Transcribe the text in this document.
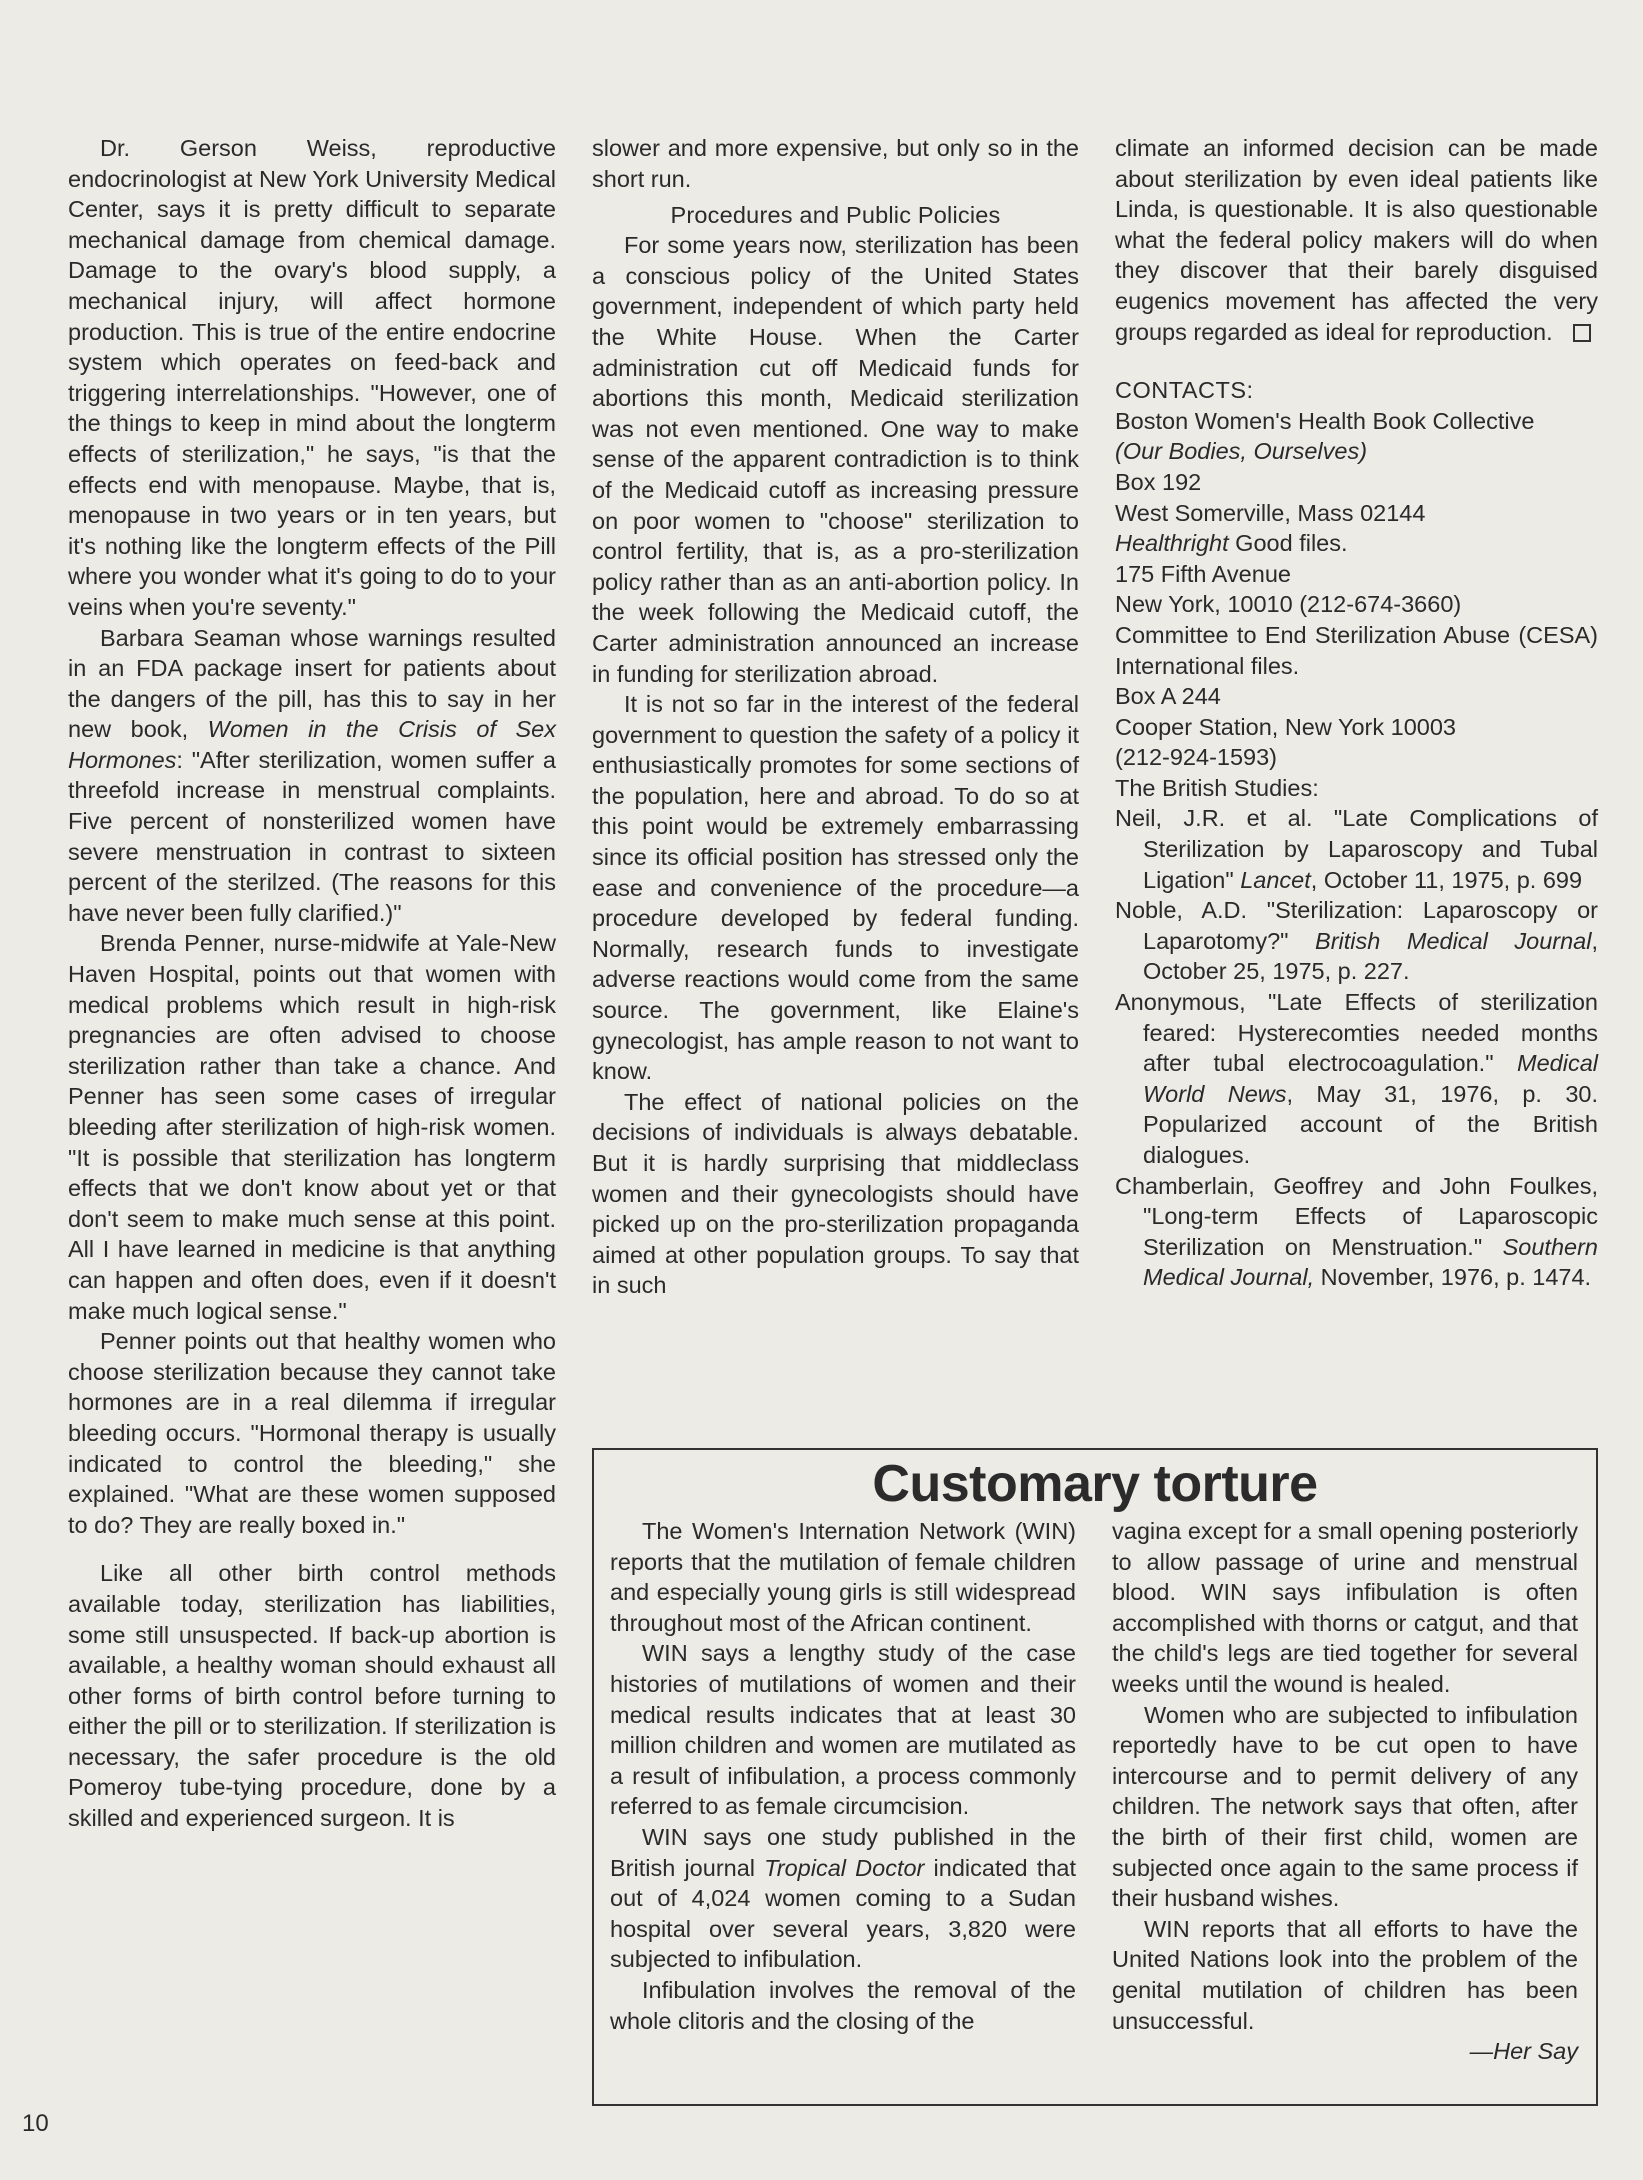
Dr. Gerson Weiss, reproductive endocrinologist at New York University Medical Center, says it is pretty difficult to separate mechanical damage from chemical damage. Damage to the ovary's blood supply, a mechanical injury, will affect hormone production. This is true of the entire endocrine system which operates on feed-back and triggering interrelationships. "However, one of the things to keep in mind about the longterm effects of sterilization," he says, "is that the effects end with menopause. Maybe, that is, menopause in two years or in ten years, but it's nothing like the longterm effects of the Pill where you wonder what it's going to do to your veins when you're seventy."

Barbara Seaman whose warnings resulted in an FDA package insert for patients about the dangers of the pill, has this to say in her new book, Women in the Crisis of Sex Hormones: "After sterilization, women suffer a threefold increase in menstrual complaints. Five percent of nonsterilized women have severe menstruation in contrast to sixteen percent of the sterilzed. (The reasons for this have never been fully clarified.)"

Brenda Penner, nurse-midwife at Yale-New Haven Hospital, points out that women with medical problems which result in high-risk pregnancies are often advised to choose sterilization rather than take a chance. And Penner has seen some cases of irregular bleeding after sterilization of high-risk women. "It is possible that sterilization has longterm effects that we don't know about yet or that don't seem to make much sense at this point. All I have learned in medicine is that anything can happen and often does, even if it doesn't make much logical sense."

Penner points out that healthy women who choose sterilization because they cannot take hormones are in a real dilemma if irregular bleeding occurs. "Hormonal therapy is usually indicated to control the bleeding," she explained. "What are these women supposed to do? They are really boxed in."

Like all other birth control methods available today, sterilization has liabilities, some still unsuspected. If back-up abortion is available, a healthy woman should exhaust all other forms of birth control before turning to either the pill or to sterilization. If sterilization is necessary, the safer procedure is the old Pomeroy tube-tying procedure, done by a skilled and experienced surgeon. It is

slower and more expensive, but only so in the short run.

Procedures and Public Policies

For some years now, sterilization has been a conscious policy of the United States government, independent of which party held the White House. When the Carter administration cut off Medicaid funds for abortions this month, Medicaid sterilization was not even mentioned. One way to make sense of the apparent contradiction is to think of the Medicaid cutoff as increasing pressure on poor women to "choose" sterilization to control fertility, that is, as a pro-sterilization policy rather than as an anti-abortion policy. In the week following the Medicaid cutoff, the Carter administration announced an increase in funding for sterilization abroad.

It is not so far in the interest of the federal government to question the safety of a policy it enthusiastically promotes for some sections of the population, here and abroad. To do so at this point would be extremely embarrassing since its official position has stressed only the ease and convenience of the procedure—a procedure developed by federal funding. Normally, research funds to investigate adverse reactions would come from the same source. The government, like Elaine's gynecologist, has ample reason to not want to know.

The effect of national policies on the decisions of individuals is always debatable. But it is hardly surprising that middleclass women and their gynecologists should have picked up on the pro-sterilization propaganda aimed at other population groups. To say that in such

climate an informed decision can be made about sterilization by even ideal patients like Linda, is questionable. It is also questionable what the federal policy makers will do when they discover that their barely disguised eugenics movement has affected the very groups regarded as ideal for reproduction.

CONTACTS:
Boston Women's Health Book Collective
(Our Bodies, Ourselves)
Box 192
West Somerville, Mass 02144
Healthright Good files.
175 Fifth Avenue
New York, 10010 (212-674-3660)
Committee to End Sterilization Abuse (CESA) International files.
Box A 244
Cooper Station, New York 10003
(212-924-1593)
The British Studies:
Neil, J.R. et al. "Late Complications of Sterilization by Laparoscopy and Tubal Ligation" Lancet, October 11, 1975, p. 699
Noble, A.D. "Sterilization: Laparoscopy or Laparotomy?" British Medical Journal, October 25, 1975, p. 227.
Anonymous, "Late Effects of sterilization feared: Hysterecomties needed months after tubal electrocoagulation." Medical World News, May 31, 1976, p. 30. Popularized account of the British dialogues.
Chamberlain, Geoffrey and John Foulkes, "Long-term Effects of Laparoscopic Sterilization on Menstruation." Southern Medical Journal, November, 1976, p. 1474.
Customary torture

The Women's Internation Network (WIN) reports that the mutilation of female children and especially young girls is still widespread throughout most of the African continent.

WIN says a lengthy study of the case histories of mutilations of women and their medical results indicates that at least 30 million children and women are mutilated as a result of infibulation, a process commonly referred to as female circumcision.

WIN says one study published in the British journal Tropical Doctor indicated that out of 4,024 women coming to a Sudan hospital over several years, 3,820 were subjected to infibulation.

Infibulation involves the removal of the whole clitoris and the closing of the

vagina except for a small opening posteriorly to allow passage of urine and menstrual blood. WIN says infibulation is often accomplished with thorns or catgut, and that the child's legs are tied together for several weeks until the wound is healed.

Women who are subjected to infibulation reportedly have to be cut open to have intercourse and to permit delivery of any children. The network says that often, after the birth of their first child, women are subjected once again to the same process if their husband wishes.

WIN reports that all efforts to have the United Nations look into the problem of the genital mutilation of children has been unsuccessful.

—Her Say

10
